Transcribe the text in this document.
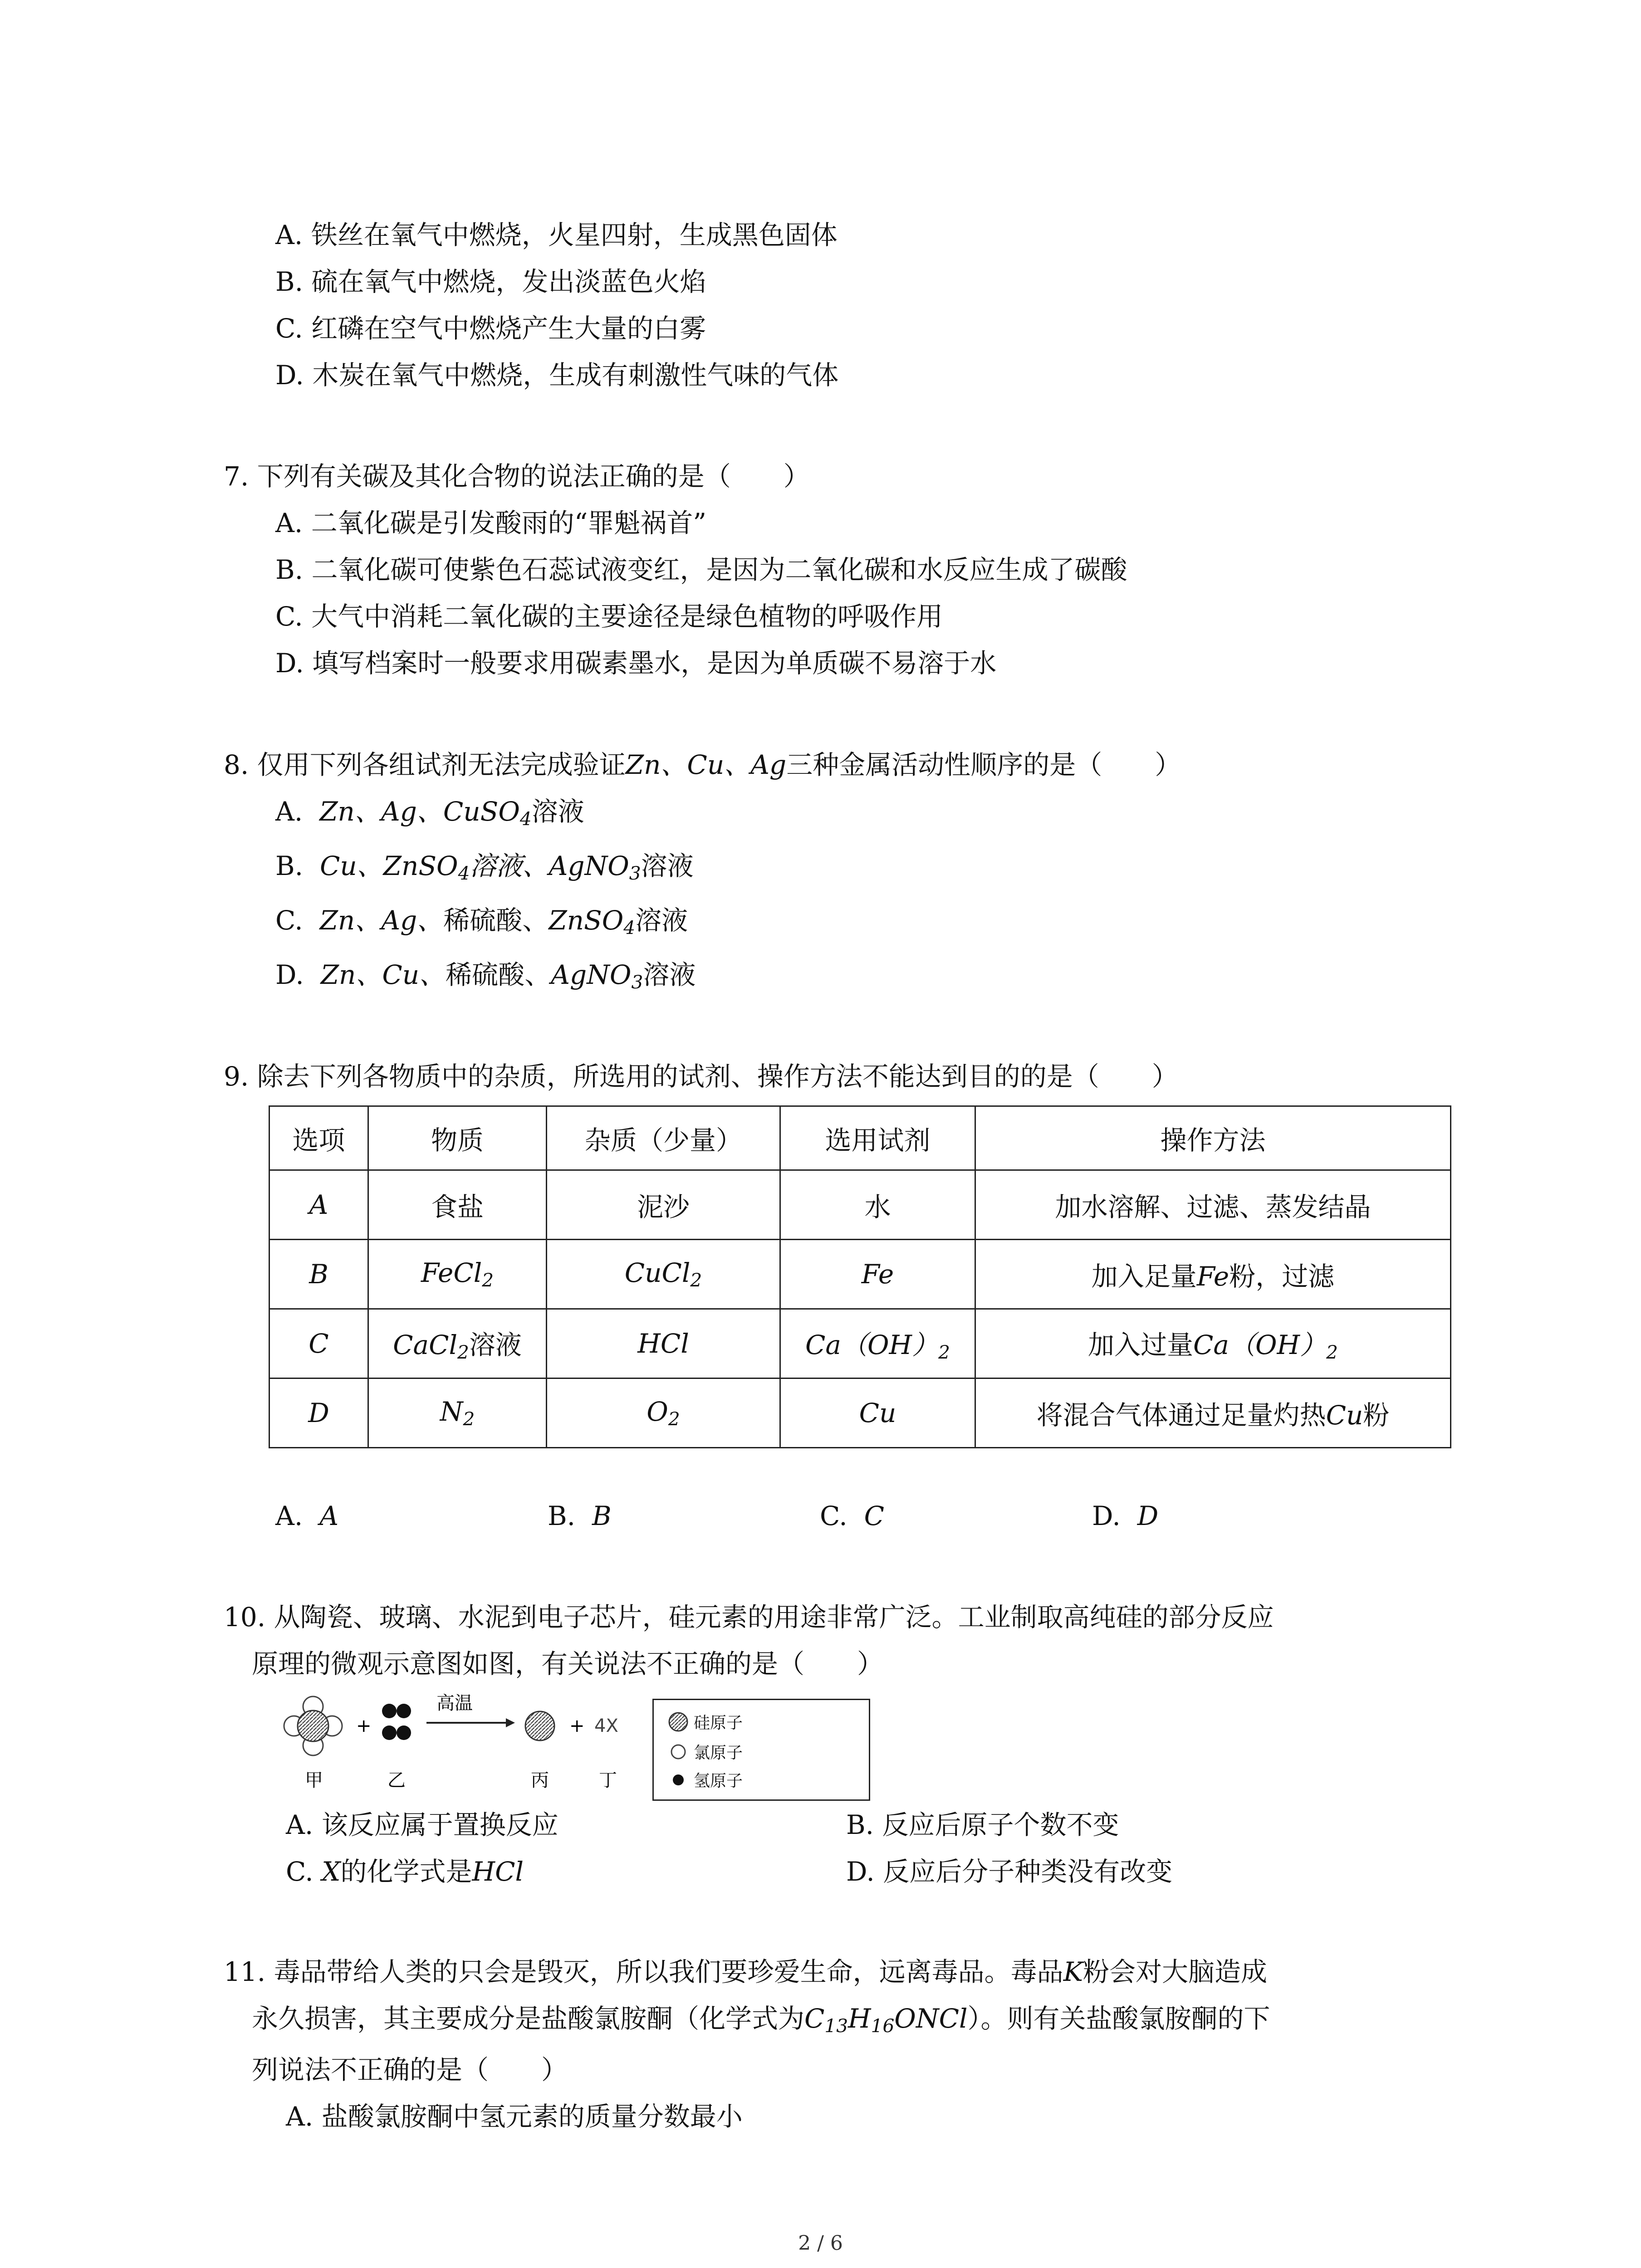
A. 铁丝在氧气中燃烧，火星四射，生成黑色固体
B. 硫在氧气中燃烧，发出淡蓝色火焰
C. 红磷在空气中燃烧产生大量的白雾
D. 木炭在氧气中燃烧，生成有刺激性气味的气体
7. 下列有关碳及其化合物的说法正确的是（　　）
A. 二氧化碳是引发酸雨的“罪魁祸首”
B. 二氧化碳可使紫色石蕊试液变红，是因为二氧化碳和水反应生成了碳酸
C. 大气中消耗二氧化碳的主要途径是绿色植物的呼吸作用
D. 填写档案时一般要求用碳素墨水，是因为单质碳不易溶于水
8. 仅用下列各组试剂无法完成验证Zn、Cu、Ag三种金属活动性顺序的是（　　）
A. Zn、Ag、CuSO$_4$溶液
B. Cu、ZnSO$_4$溶液、AgNO$_3$溶液
C. Zn、Ag、稀硫酸、ZnSO$_4$溶液
D. Zn、Cu、稀硫酸、AgNO$_3$溶液
9. 除去下列各物质中的杂质，所选用的试剂、操作方法不能达到目的的是（　　）
选项	物质	杂质（少量）	选用试剂	操作方法
A	食盐	泥沙	水	加水溶解、过滤、蒸发结晶
B	FeCl$_2$	CuCl$_2$	Fe	加入足量Fe粉，过滤
C	CaCl$_2$溶液	HCl	$Ca(OH)_2$	加入过量$Ca(OH)_2$
D	$N_2$	$O_2$	Cu	将混合气体通过足量灼热Cu粉
A. A	B. B	C. C	D. D
10. 从陶瓷、玻璃、水泥到电子芯片，硅元素的用途非常广泛。工业制取高纯硅的部分反应
原理的微观示意图如图，有关说法不正确的是（　　）
+
高温
+ 4X
甲	乙	丙	丁
硅原子
氯原子
氢原子
A. 该反应属于置换反应	B. 反应后原子个数不变
C. X的化学式是HCl	D. 反应后分子种类没有改变
11. 毒品带给人类的只会是毁灭，所以我们要珍爱生命，远离毒品。毒品K粉会对大脑造成
永久损害，其主要成分是盐酸氯胺酮（化学式为$C_{13}H_{16}ONCl$）。则有关盐酸氯胺酮的下
列说法不正确的是（　　）
A. 盐酸氯胺酮中氢元素的质量分数最小
2 / 6
